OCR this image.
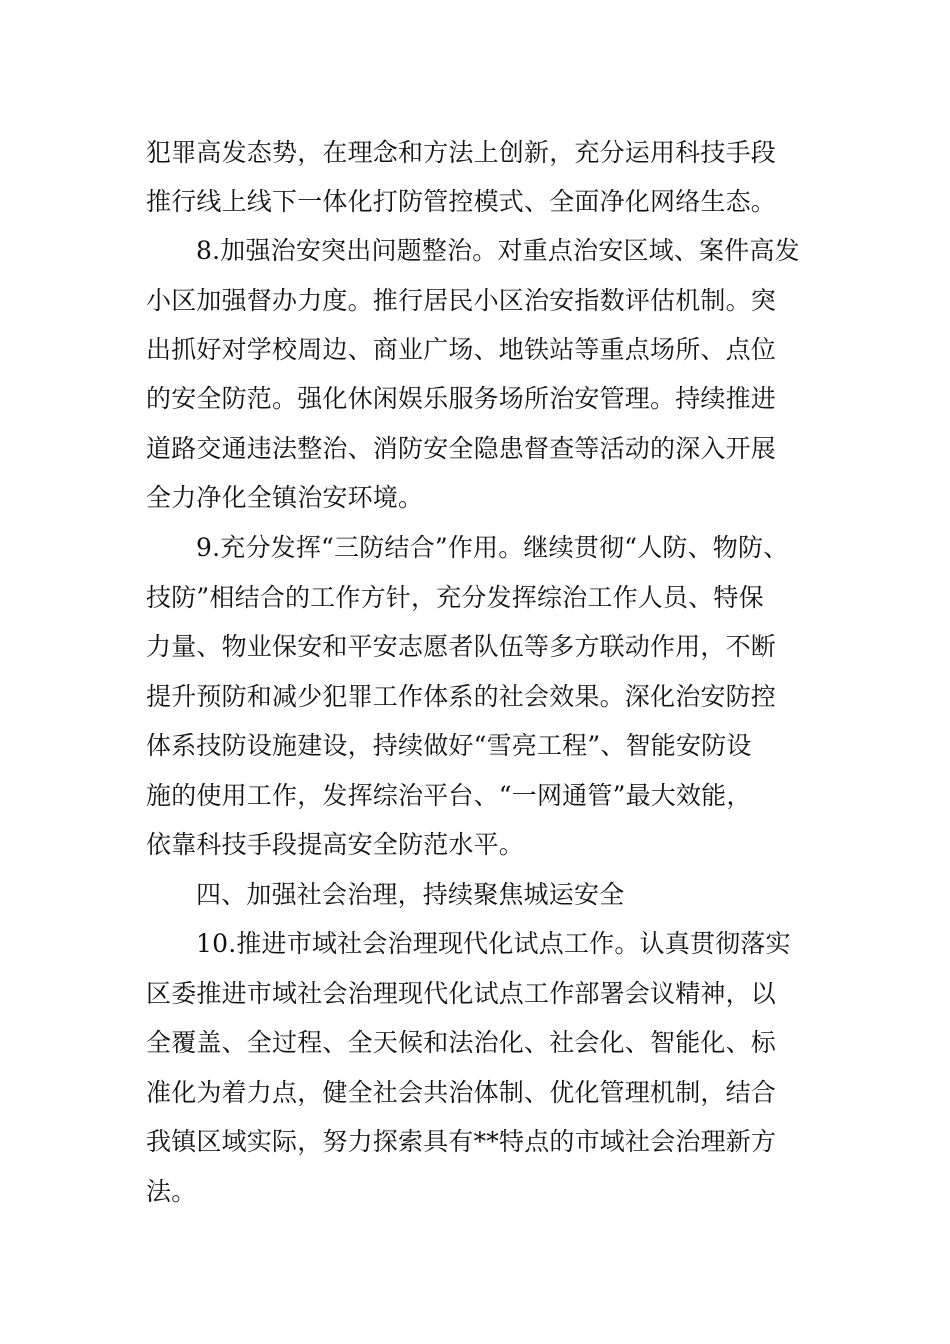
犯罪高发态势，在理念和方法上创新，充分运用科技手段
推行线上线下一体化打防管控模式、全面净化网络生态。
8.加强治安突出问题整治。对重点治安区域、案件高发
小区加强督办力度。推行居民小区治安指数评估机制。突
出抓好对学校周边、商业广场、地铁站等重点场所、点位
的安全防范。强化休闲娱乐服务场所治安管理。持续推进
道路交通违法整治、消防安全隐患督查等活动的深入开展
全力净化全镇治安环境。
9.充分发挥“三防结合”作用。继续贯彻“人防、物防、
技防”相结合的工作方针，充分发挥综治工作人员、特保
力量、物业保安和平安志愿者队伍等多方联动作用，不断
提升预防和减少犯罪工作体系的社会效果。深化治安防控
体系技防设施建设，持续做好“雪亮工程”、智能安防设
施的使用工作，发挥综治平台、“一网通管”最大效能，
依靠科技手段提高安全防范水平。
四、加强社会治理，持续聚焦城运安全
10.推进市域社会治理现代化试点工作。认真贯彻落实
区委推进市域社会治理现代化试点工作部署会议精神，以
全覆盖、全过程、全天候和法治化、社会化、智能化、标
准化为着力点，健全社会共治体制、优化管理机制，结合
我镇区域实际，努力探索具有**特点的市域社会治理新方
法。
